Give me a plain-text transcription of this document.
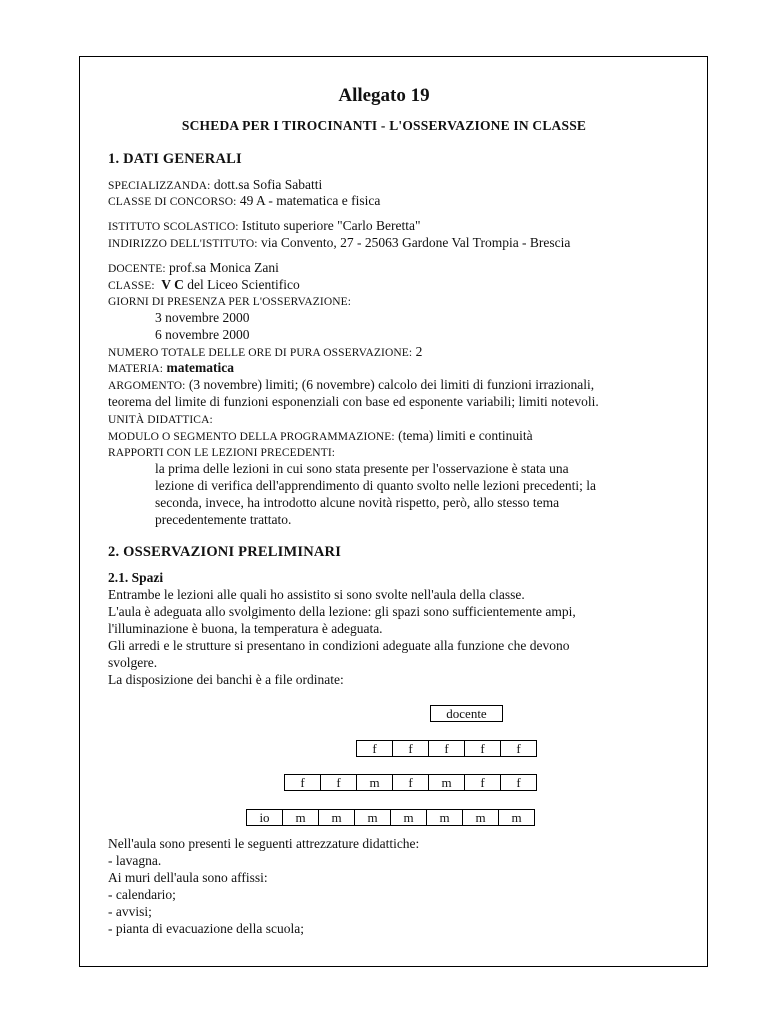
Allegato 19
SCHEDA PER I TIROCINANTI - L'OSSERVAZIONE IN CLASSE
1. DATI GENERALI
SPECIALIZZANDA: dott.sa Sofia Sabatti
CLASSE DI CONCORSO: 49 A - matematica e fisica
ISTITUTO SCOLASTICO: Istituto superiore "Carlo Beretta"
INDIRIZZO DELL'ISTITUTO: via Convento, 27 - 25063 Gardone Val Trompia - Brescia
DOCENTE: prof.sa Monica Zani
CLASSE:  V C del Liceo Scientifico
GIORNI DI PRESENZA PER L'OSSERVAZIONE:
3 novembre 2000
6 novembre 2000
NUMERO TOTALE DELLE ORE DI PURA OSSERVAZIONE: 2
MATERIA: matematica
ARGOMENTO: (3 novembre) limiti; (6 novembre) calcolo dei limiti di funzioni irrazionali,
teorema del limite di funzioni esponenziali con base ed esponente variabili; limiti notevoli.
UNITÀ DIDATTICA:
MODULO O SEGMENTO DELLA PROGRAMMAZIONE: (tema) limiti e continuità
RAPPORTI CON LE LEZIONI PRECEDENTI:
la prima delle lezioni in cui sono stata presente per l'osservazione è stata una
lezione di verifica dell'apprendimento di quanto svolto nelle lezioni precedenti; la
seconda, invece, ha introdotto alcune novità rispetto, però, allo stesso tema
precedentemente trattato.
2. OSSERVAZIONI PRELIMINARI
2.1. Spazi
Entrambe le lezioni alle quali ho assistito si sono svolte nell'aula della classe.
L'aula è adeguata allo svolgimento della lezione: gli spazi sono sufficientemente ampi,
l'illuminazione è buona, la temperatura è adeguata.
Gli arredi e le strutture si presentano in condizioni adeguate alla funzione che devono
svolgere.
La disposizione dei banchi è a file ordinate:
docente
f	f	f	f	f
f	f	m	f	m	f	f
io	m	m	m	m	m	m	m
Nell'aula sono presenti le seguenti attrezzature didattiche:
- lavagna.
Ai muri dell'aula sono affissi:
- calendario;
- avvisi;
- pianta di evacuazione della scuola;
